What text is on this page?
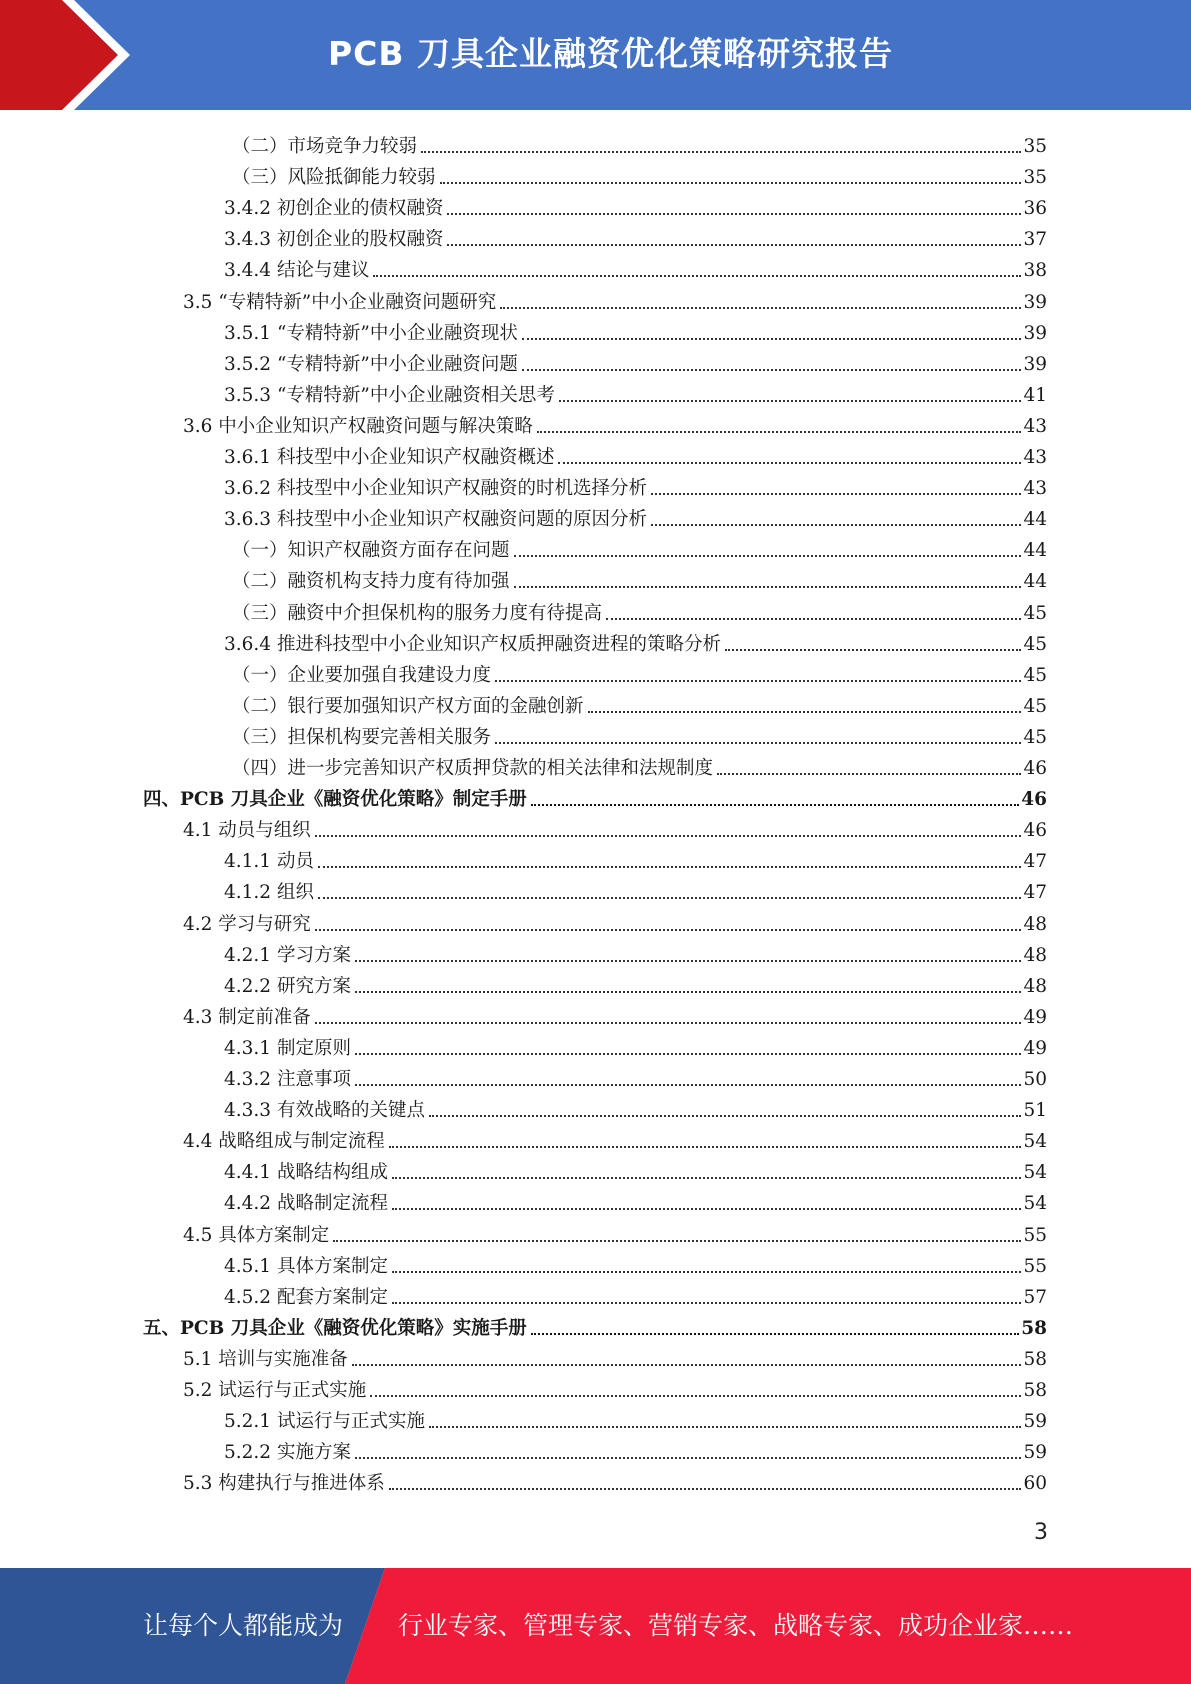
PCB 刀具企业融资优化策略研究报告
（二）市场竞争力较弱	35
（三）风险抵御能力较弱	35
3.4.2 初创企业的债权融资	36
3.4.3 初创企业的股权融资	37
3.4.4 结论与建议	38
3.5 “专精特新”中小企业融资问题研究	39
3.5.1 “专精特新”中小企业融资现状	39
3.5.2 “专精特新”中小企业融资问题	39
3.5.3 “专精特新”中小企业融资相关思考	41
3.6 中小企业知识产权融资问题与解决策略	43
3.6.1 科技型中小企业知识产权融资概述	43
3.6.2 科技型中小企业知识产权融资的时机选择分析	43
3.6.3 科技型中小企业知识产权融资问题的原因分析	44
（一）知识产权融资方面存在问题	44
（二）融资机构支持力度有待加强	44
（三）融资中介担保机构的服务力度有待提高	45
3.6.4 推进科技型中小企业知识产权质押融资进程的策略分析	45
（一）企业要加强自我建设力度	45
（二）银行要加强知识产权方面的金融创新	45
（三）担保机构要完善相关服务	45
（四）进一步完善知识产权质押贷款的相关法律和法规制度	46
四、PCB 刀具企业《融资优化策略》制定手册	46
4.1 动员与组织	46
4.1.1 动员	47
4.1.2 组织	47
4.2 学习与研究	48
4.2.1 学习方案	48
4.2.2 研究方案	48
4.3 制定前准备	49
4.3.1 制定原则	49
4.3.2 注意事项	50
4.3.3 有效战略的关键点	51
4.4 战略组成与制定流程	54
4.4.1 战略结构组成	54
4.4.2 战略制定流程	54
4.5 具体方案制定	55
4.5.1 具体方案制定	55
4.5.2 配套方案制定	57
五、PCB 刀具企业《融资优化策略》实施手册	58
5.1 培训与实施准备	58
5.2 试运行与正式实施	58
5.2.1 试运行与正式实施	59
5.2.2 实施方案	59
5.3 构建执行与推进体系	60
3
让每个人都能成为 行业专家、管理专家、营销专家、战略专家、成功企业家……
